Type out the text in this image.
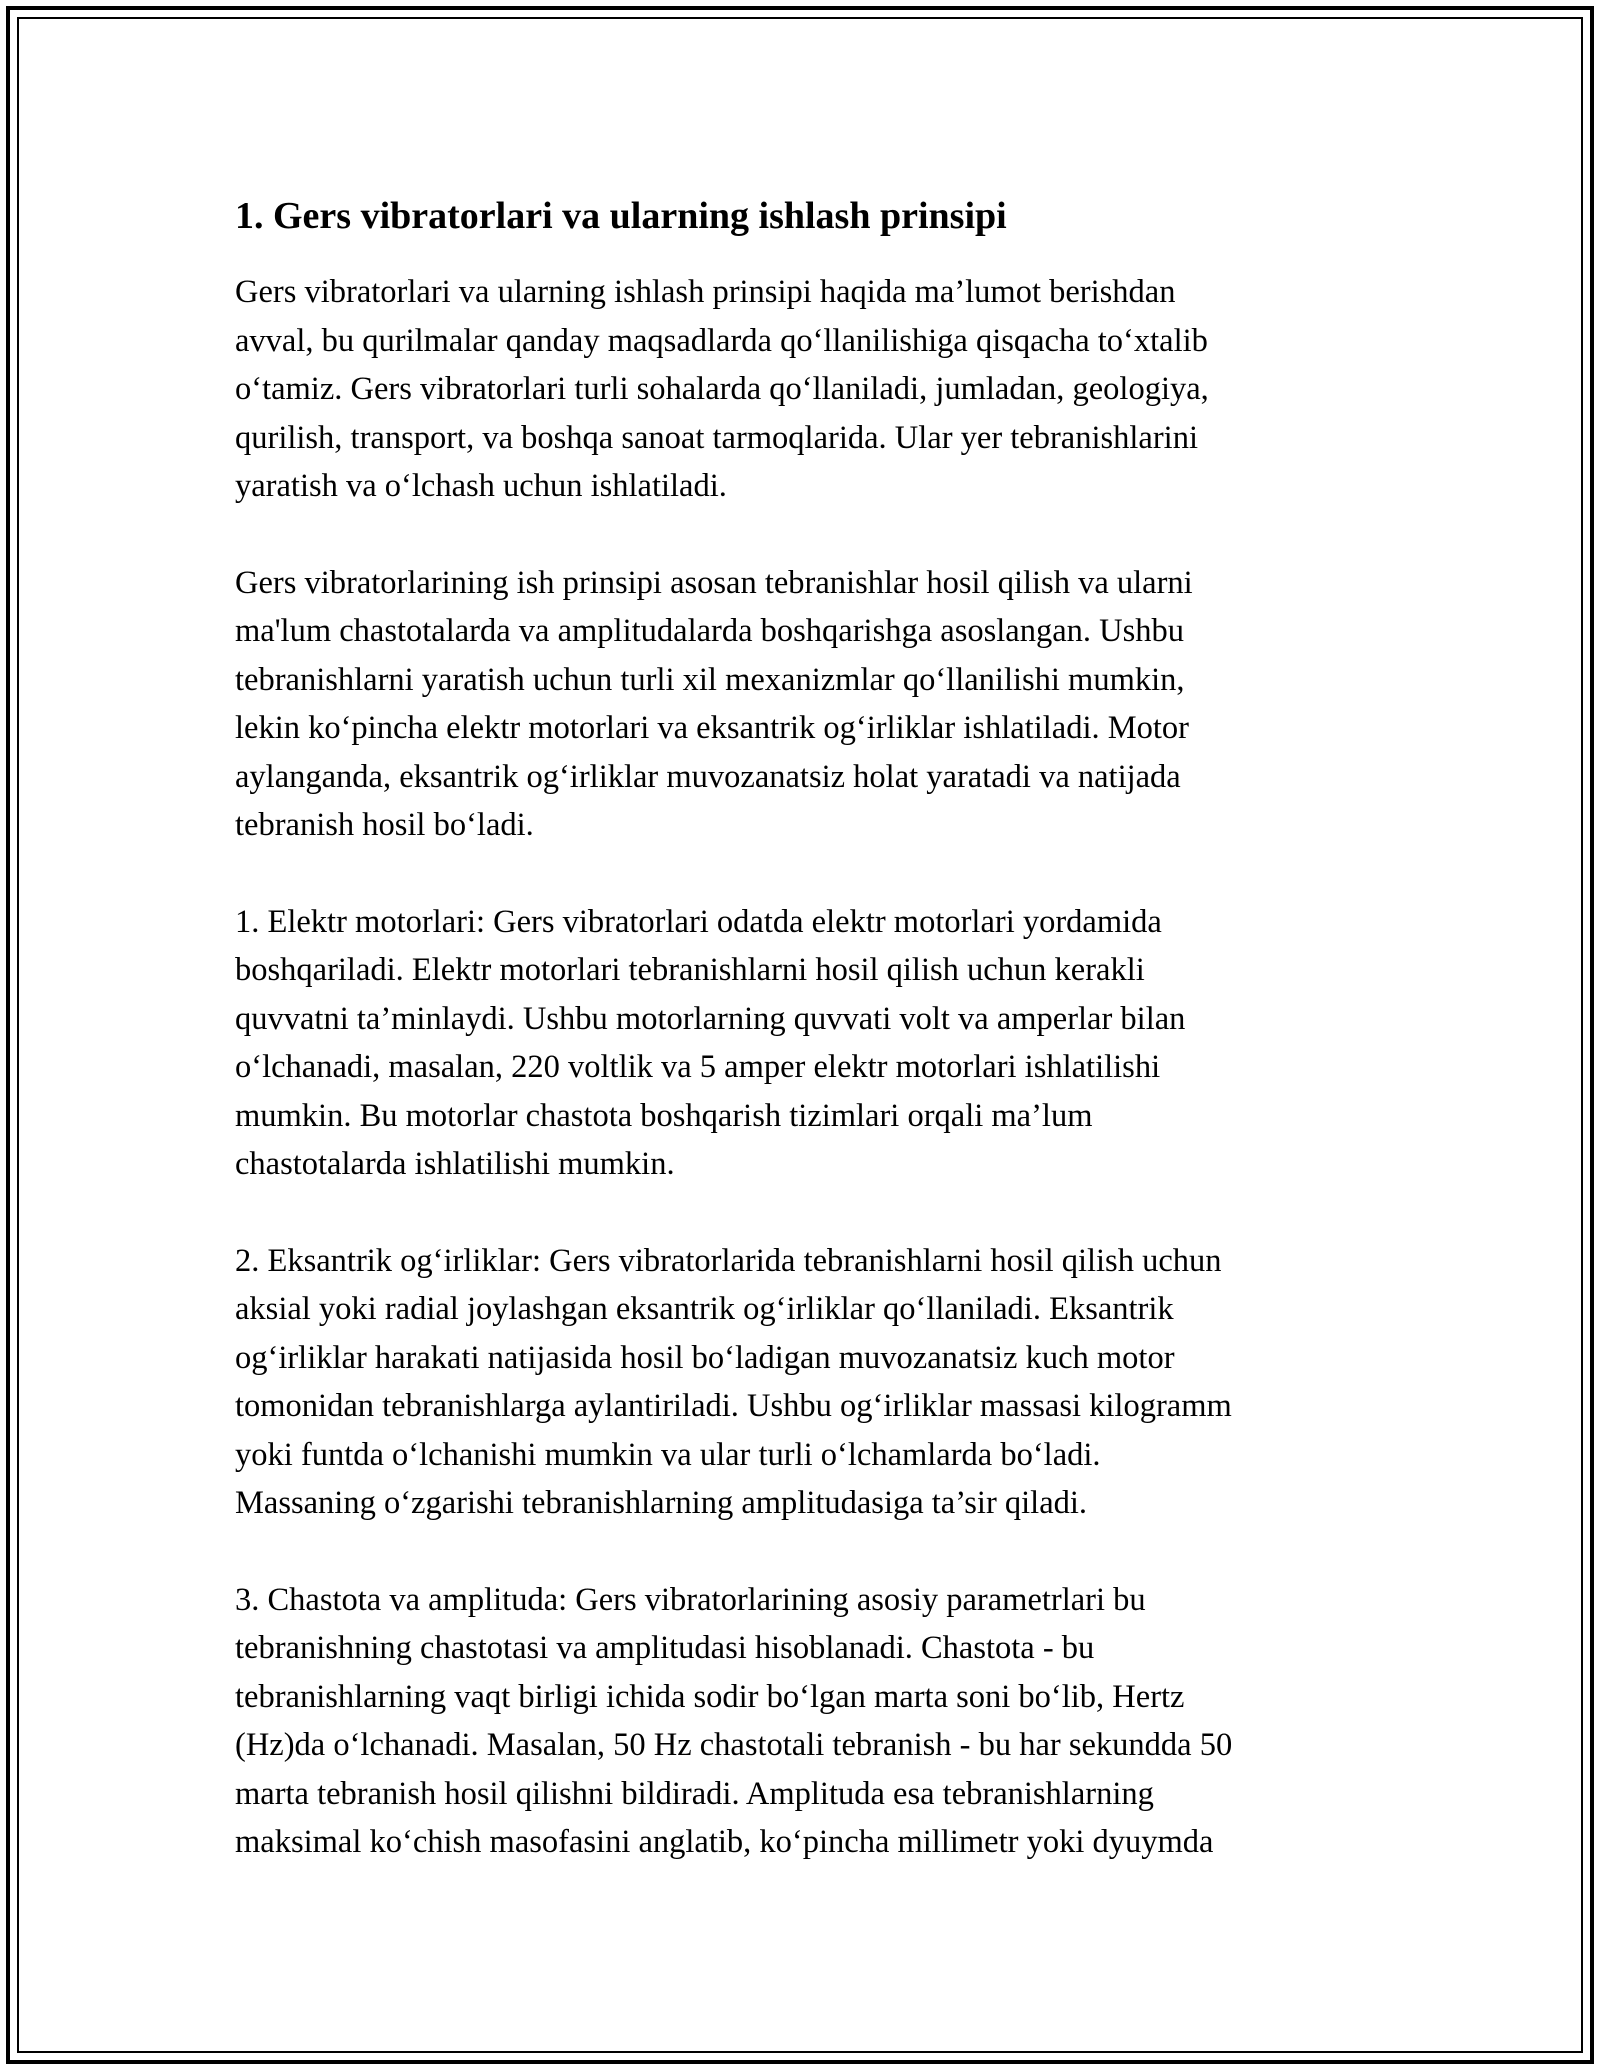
1. Gers vibratorlari va ularning ishlash prinsipi

Gers vibratorlari va ularning ishlash prinsipi haqida ma’lumot berishdan
avval, bu qurilmalar qanday maqsadlarda qo‘llanilishiga qisqacha to‘xtalib
o‘tamiz. Gers vibratorlari turli sohalarda qo‘llaniladi, jumladan, geologiya,
qurilish, transport, va boshqa sanoat tarmoqlarida. Ular yer tebranishlarini
yaratish va o‘lchash uchun ishlatiladi.

Gers vibratorlarining ish prinsipi asosan tebranishlar hosil qilish va ularni
ma'lum chastotalarda va amplitudalarda boshqarishga asoslangan. Ushbu
tebranishlarni yaratish uchun turli xil mexanizmlar qo‘llanilishi mumkin,
lekin ko‘pincha elektr motorlari va eksantrik og‘irliklar ishlatiladi. Motor
aylanganda, eksantrik og‘irliklar muvozanatsiz holat yaratadi va natijada
tebranish hosil bo‘ladi.

1. Elektr motorlari: Gers vibratorlari odatda elektr motorlari yordamida
boshqariladi. Elektr motorlari tebranishlarni hosil qilish uchun kerakli
quvvatni ta’minlaydi. Ushbu motorlarning quvvati volt va amperlar bilan
o‘lchanadi, masalan, 220 voltlik va 5 amper elektr motorlari ishlatilishi
mumkin. Bu motorlar chastota boshqarish tizimlari orqali ma’lum
chastotalarda ishlatilishi mumkin.

2. Eksantrik og‘irliklar: Gers vibratorlarida tebranishlarni hosil qilish uchun
aksial yoki radial joylashgan eksantrik og‘irliklar qo‘llaniladi. Eksantrik
og‘irliklar harakati natijasida hosil bo‘ladigan muvozanatsiz kuch motor
tomonidan tebranishlarga aylantiriladi. Ushbu og‘irliklar massasi kilogramm
yoki funtda o‘lchanishi mumkin va ular turli o‘lchamlarda bo‘ladi.
Massaning o‘zgarishi tebranishlarning amplitudasiga ta’sir qiladi.

3. Chastota va amplituda: Gers vibratorlarining asosiy parametrlari bu
tebranishning chastotasi va amplitudasi hisoblanadi. Chastota - bu
tebranishlarning vaqt birligi ichida sodir bo‘lgan marta soni bo‘lib, Hertz
(Hz)da o‘lchanadi. Masalan, 50 Hz chastotali tebranish - bu har sekundda 50
marta tebranish hosil qilishni bildiradi. Amplituda esa tebranishlarning
maksimal ko‘chish masofasini anglatib, ko‘pincha millimetr yoki dyuymda
